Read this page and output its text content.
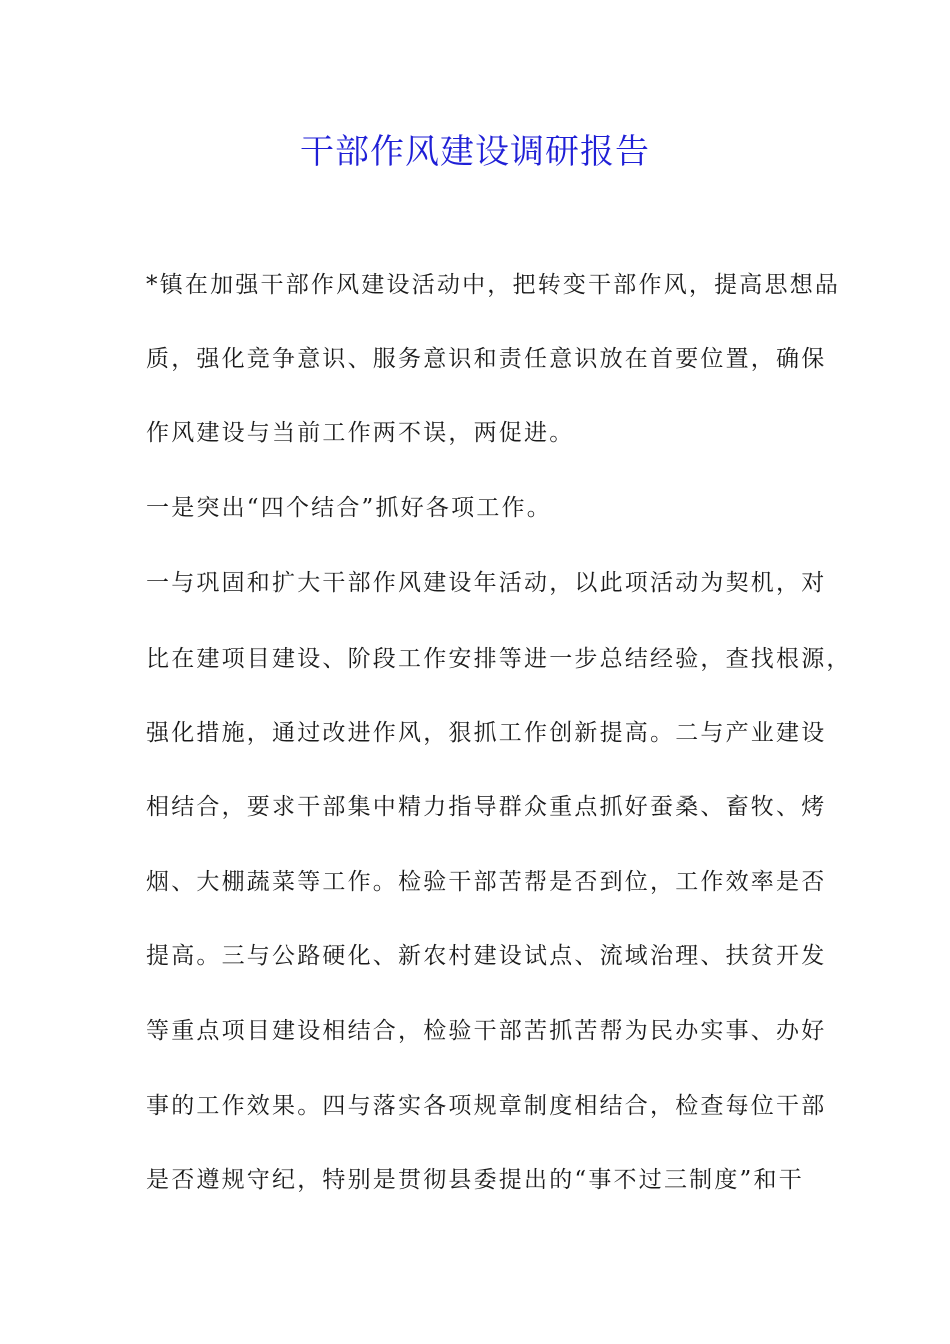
干部作风建设调研报告

*镇在加强干部作风建设活动中，把转变干部作风，提高思想品

质，强化竞争意识、服务意识和责任意识放在首要位置，确保

作风建设与当前工作两不误，两促进。

一是突出“四个结合”抓好各项工作。

一与巩固和扩大干部作风建设年活动，以此项活动为契机，对

比在建项目建设、阶段工作安排等进一步总结经验，查找根源，

强化措施，通过改进作风，狠抓工作创新提高。二与产业建设

相结合，要求干部集中精力指导群众重点抓好蚕桑、畜牧、烤

烟、大棚蔬菜等工作。检验干部苦帮是否到位，工作效率是否

提高。三与公路硬化、新农村建设试点、流域治理、扶贫开发

等重点项目建设相结合，检验干部苦抓苦帮为民办实事、办好

事的工作效果。四与落实各项规章制度相结合，检查每位干部

是否遵规守纪，特别是贯彻县委提出的“事不过三制度”和干
